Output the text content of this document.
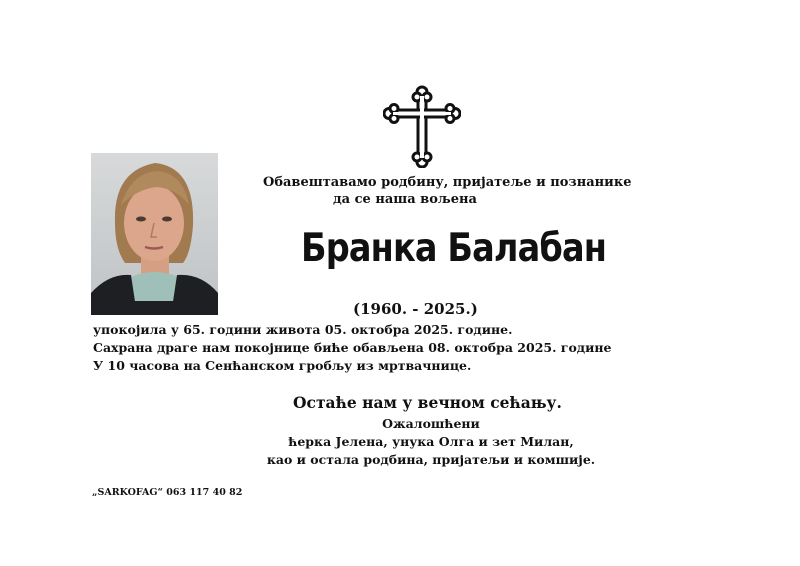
Обавештавамо родбину, пријатеље и познанике
да се наша вољена
Бранка Балабан
(1960. - 2025.)
упокојила у 65. години живота 05. октобра 2025. године.
Сахрана драге нам покојнице биће обављена 08. октобра 2025. године
У 10 часова на Сенћанском гробљу из мртвачнице.
Остаће нам у вечном сећању.
Ожалошћени
ћерка Јелена, унука Олга и зет Милан,
као и остала родбина, пријатељи и комшије.
„SARKOFAG“ 063 117 40 82
